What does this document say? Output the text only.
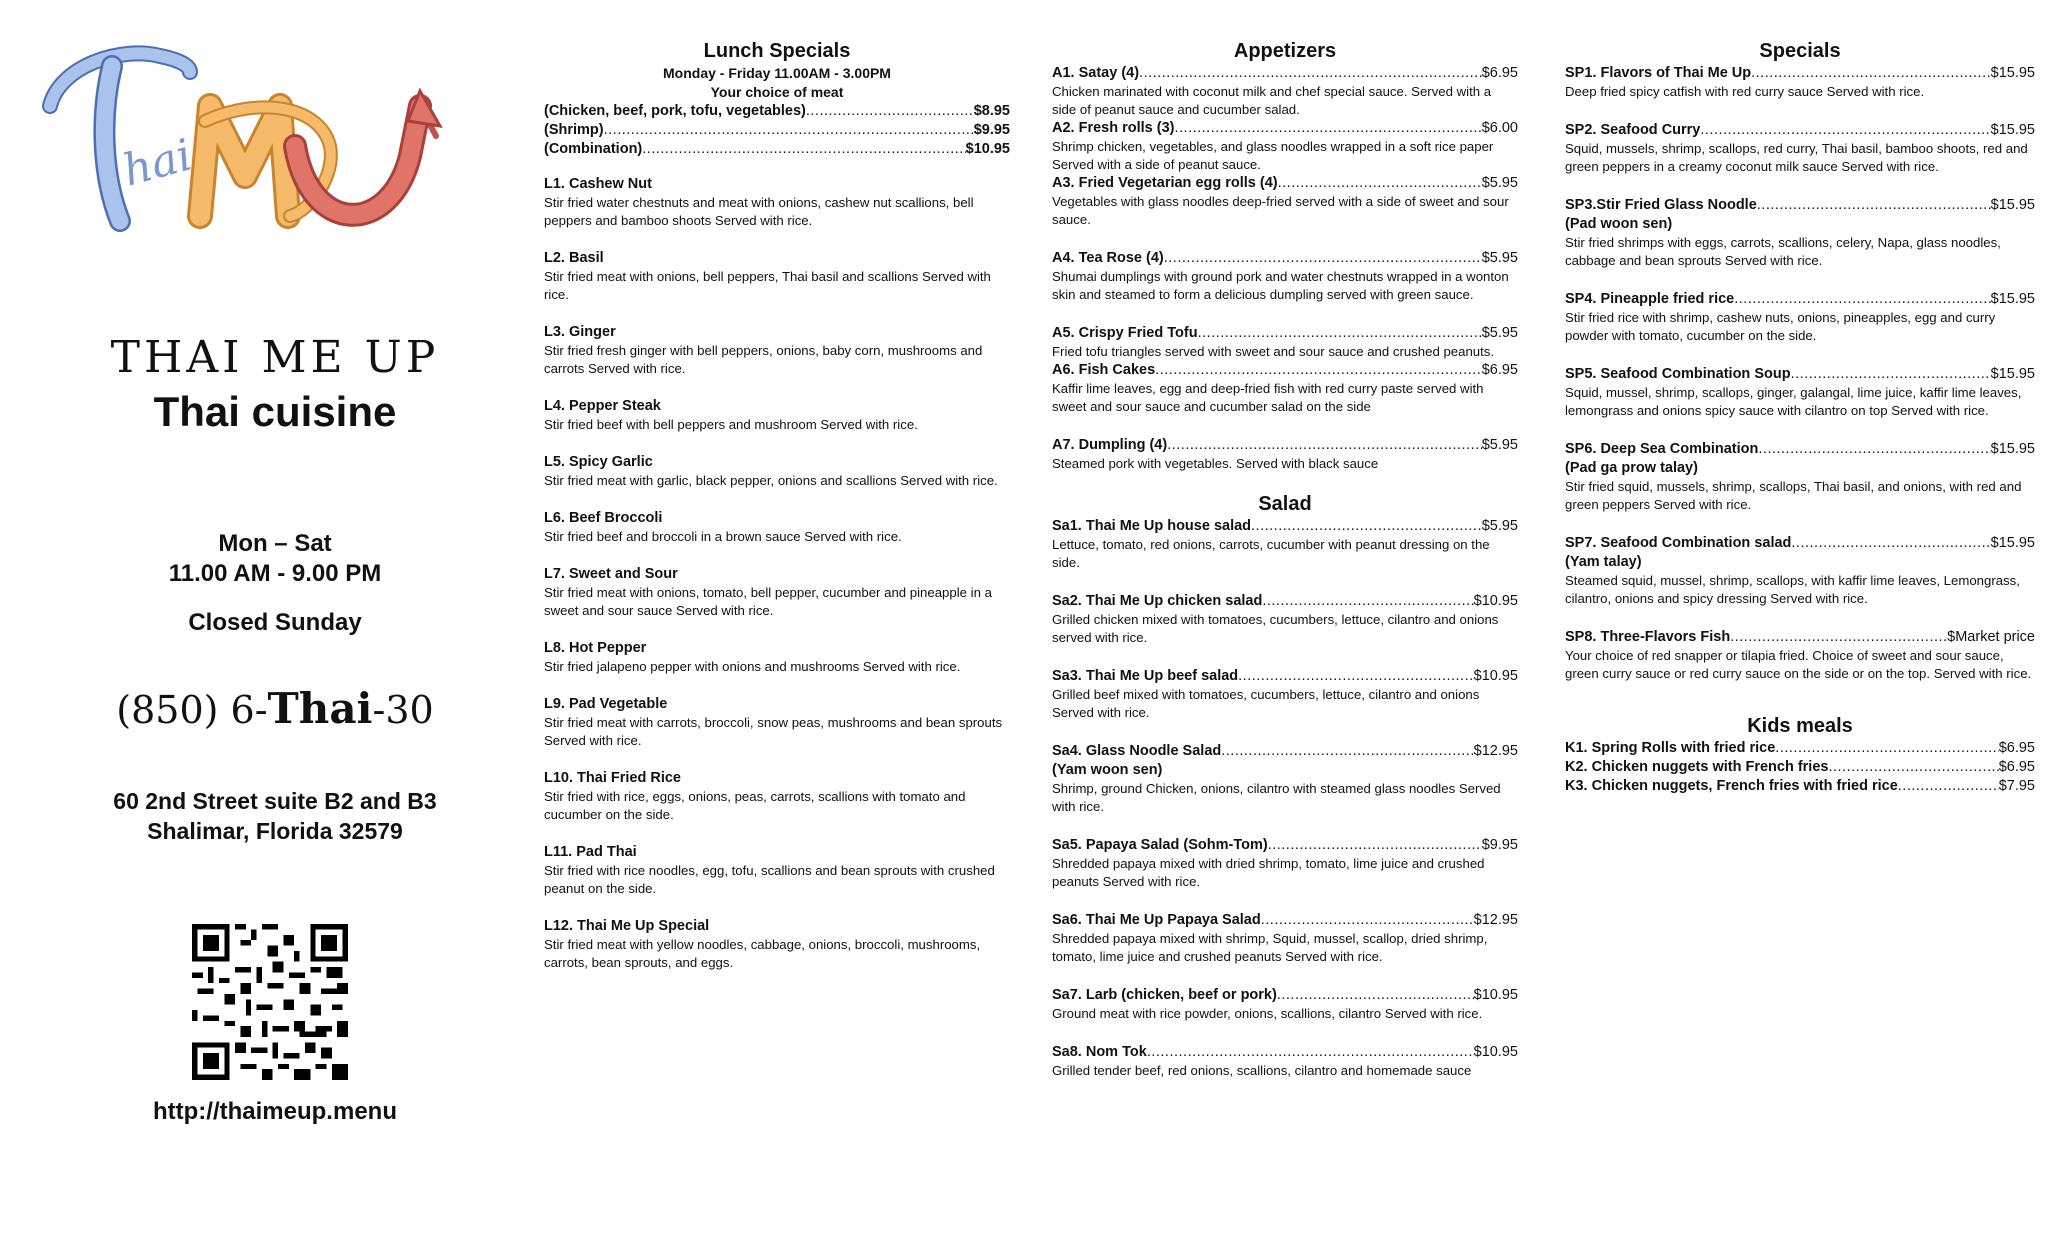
hai
THAI ME UP
Thai cuisine
Mon – Sat
11.00 AM - 9.00 PM
Closed Sunday
(850) 6-Thai-30
60 2nd Street suite B2 and B3
Shalimar, Florida 32579
http://thaimeup.menu
Lunch Specials
Monday - Friday 11.00AM - 3.00PM
Your choice of meat
(Chicken, beef, pork, tofu, vegetables) .....	$8.95
(Shrimp) .....	$9.95
(Combination) .....	$10.95
L1. Cashew Nut
Stir fried water chestnuts and meat with onions, cashew nut scallions, bell peppers and bamboo shoots Served with rice.
L2. Basil
Stir fried meat with onions, bell peppers, Thai basil and scallions Served with rice.
L3. Ginger
Stir fried fresh ginger with bell peppers, onions, baby corn, mushrooms and carrots Served with rice.
L4. Pepper Steak
Stir fried beef with bell peppers and mushroom Served with rice.
L5. Spicy Garlic
Stir fried meat with garlic, black pepper, onions and scallions Served with rice.
L6. Beef Broccoli
Stir fried beef and broccoli in a brown sauce Served with rice.
L7. Sweet and Sour
Stir fried meat with onions, tomato, bell pepper, cucumber and pineapple in a sweet and sour sauce Served with rice.
L8. Hot Pepper
Stir fried jalapeno pepper with onions and mushrooms Served with rice.
L9. Pad Vegetable
Stir fried meat with carrots, broccoli, snow peas, mushrooms and bean sprouts Served with rice.
L10. Thai Fried Rice
Stir fried with rice, eggs, onions, peas, carrots, scallions with tomato and cucumber on the side.
L11. Pad Thai
Stir fried with rice noodles, egg, tofu, scallions and bean sprouts with crushed peanut on the side.
L12. Thai Me Up Special
Stir fried meat with yellow noodles, cabbage, onions, broccoli, mushrooms, carrots, bean sprouts, and eggs.
Appetizers
A1. Satay (4) .....	$6.95
Chicken marinated with coconut milk and chef special sauce. Served with a side of peanut sauce and cucumber salad.
A2. Fresh rolls (3) .....	$6.00
Shrimp chicken, vegetables, and glass noodles wrapped in a soft rice paper Served with a side of peanut sauce.
A3. Fried Vegetarian egg rolls (4) .....	$5.95
Vegetables with glass noodles deep-fried served with a side of sweet and sour sauce.
A4. Tea Rose (4) .....	$5.95
Shumai dumplings with ground pork and water chestnuts wrapped in a wonton skin and steamed to form a delicious dumpling served with green sauce.
A5. Crispy Fried Tofu .....	$5.95
Fried tofu triangles served with sweet and sour sauce and crushed peanuts.
A6. Fish Cakes .....	$6.95
Kaffir lime leaves, egg and deep-fried fish with red curry paste served with sweet and sour sauce and cucumber salad on the side
A7. Dumpling (4) .....	$5.95
Steamed pork with vegetables. Served with black sauce
Salad
Sa1. Thai Me Up house salad .....	$5.95
Lettuce, tomato, red onions, carrots, cucumber with peanut dressing on the side.
Sa2. Thai Me Up chicken salad .....	$10.95
Grilled chicken mixed with tomatoes, cucumbers, lettuce, cilantro and onions served with rice.
Sa3. Thai Me Up beef salad .....	$10.95
Grilled beef mixed with tomatoes, cucumbers, lettuce, cilantro and onions Served with rice.
Sa4. Glass Noodle Salad .....	$12.95
(Yam woon sen)
Shrimp, ground Chicken, onions, cilantro with steamed glass noodles Served with rice.
Sa5. Papaya Salad (Sohm-Tom) .....	$9.95
Shredded papaya mixed with dried shrimp, tomato, lime juice and crushed peanuts Served with rice.
Sa6. Thai Me Up Papaya Salad .....	$12.95
Shredded papaya mixed with shrimp, Squid, mussel, scallop, dried shrimp, tomato, lime juice and crushed peanuts Served with rice.
Sa7. Larb (chicken, beef or pork) .....	$10.95
Ground meat with rice powder, onions, scallions, cilantro Served with rice.
Sa8. Nom Tok .....	$10.95
Grilled tender beef, red onions, scallions, cilantro and homemade sauce
Specials
SP1. Flavors of Thai Me Up .....	$15.95
Deep fried spicy catfish with red curry sauce Served with rice.
SP2. Seafood Curry .....	$15.95
Squid, mussels, shrimp, scallops, red curry, Thai basil, bamboo shoots, red and green peppers in a creamy coconut milk sauce Served with rice.
SP3.Stir Fried Glass Noodle .....	$15.95
(Pad woon sen)
Stir fried shrimps with eggs, carrots, scallions, celery, Napa, glass noodles, cabbage and bean sprouts Served with rice.
SP4. Pineapple fried rice .....	$15.95
Stir fried rice with shrimp, cashew nuts, onions, pineapples, egg and curry powder with tomato, cucumber on the side.
SP5. Seafood Combination Soup .....	$15.95
Squid, mussel, shrimp, scallops, ginger, galangal, lime juice, kaffir lime leaves, lemongrass and onions spicy sauce with cilantro on top Served with rice.
SP6. Deep Sea Combination .....	$15.95
(Pad ga prow talay)
Stir fried squid, mussels, shrimp, scallops, Thai basil, and onions, with red and green peppers Served with rice.
SP7. Seafood Combination salad .....	$15.95
(Yam talay)
Steamed squid, mussel, shrimp, scallops, with kaffir lime leaves, Lemongrass, cilantro, onions and spicy dressing Served with rice.
SP8. Three-Flavors Fish .....	$Market price
Your choice of red snapper or tilapia fried. Choice of sweet and sour sauce, green curry sauce or red curry sauce on the side or on the top. Served with rice.
Kids meals
K1. Spring Rolls with fried rice .....	$6.95
K2. Chicken nuggets with French fries .....	$6.95
K3. Chicken nuggets, French fries with fried rice .....	$7.95
